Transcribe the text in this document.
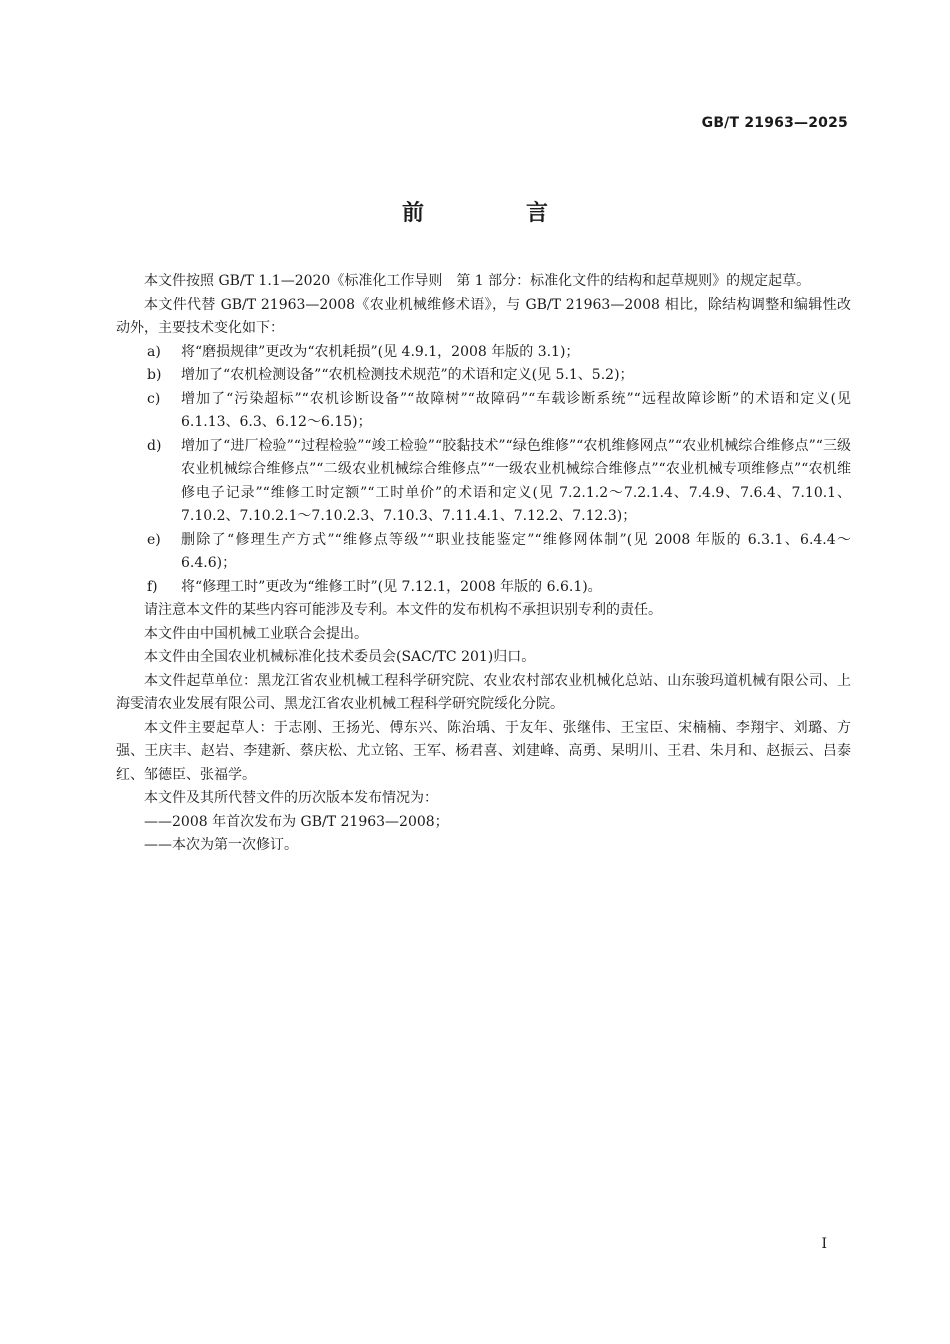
GB/T 21963—2025
前　言

本文件按照 GB/T 1.1—2020《标准化工作导则　第 1 部分：标准化文件的结构和起草规则》的规定起草。

本文件代替 GB/T 21963—2008《农业机械维修术语》，与 GB/T 21963—2008 相比，除结构调整和编辑性改动外，主要技术变化如下：

a)	将“磨损规律”更改为“农机耗损”(见 4.9.1，2008 年版的 3.1)；
b)	增加了“农机检测设备”“农机检测技术规范”的术语和定义(见 5.1、5.2)；
c)	增加了“污染超标”“农机诊断设备”“故障树”“故障码”“车载诊断系统”“远程故障诊断”的术语和定义(见 6.1.13、6.3、6.12～6.15)；
d)	增加了“进厂检验”“过程检验”“竣工检验”“胶黏技术”“绿色维修”“农机维修网点”“农业机械综合维修点”“三级农业机械综合维修点”“二级农业机械综合维修点”“一级农业机械综合维修点”“农业机械专项维修点”“农机维修电子记录”“维修工时定额”“工时单价”的术语和定义(见 7.2.1.2～7.2.1.4、7.4.9、7.6.4、7.10.1、7.10.2、7.10.2.1～7.10.2.3、7.10.3、7.11.4.1、7.12.2、7.12.3)；
e)	删除了“修理生产方式”“维修点等级”“职业技能鉴定”“维修网体制”(见 2008 年版的 6.3.1、6.4.4～6.4.6)；
f)	将“修理工时”更改为“维修工时”(见 7.12.1，2008 年版的 6.6.1)。

请注意本文件的某些内容可能涉及专利。本文件的发布机构不承担识别专利的责任。

本文件由中国机械工业联合会提出。

本文件由全国农业机械标准化技术委员会(SAC/TC 201)归口。

本文件起草单位：黑龙江省农业机械工程科学研究院、农业农村部农业机械化总站、山东骏玛道机械有限公司、上海雯清农业发展有限公司、黑龙江省农业机械工程科学研究院绥化分院。

本文件主要起草人：于志刚、王扬光、傅东兴、陈治瑀、于友年、张继伟、王宝臣、宋楠楠、李翔宇、刘璐、方强、王庆丰、赵岩、李建新、蔡庆松、尤立铭、王军、杨君喜、刘建峰、高勇、杲明川、王君、朱月和、赵振云、吕泰红、邹德臣、张福学。

本文件及其所代替文件的历次版本发布情况为：

——2008 年首次发布为 GB/T 21963—2008；

——本次为第一次修订。

I
